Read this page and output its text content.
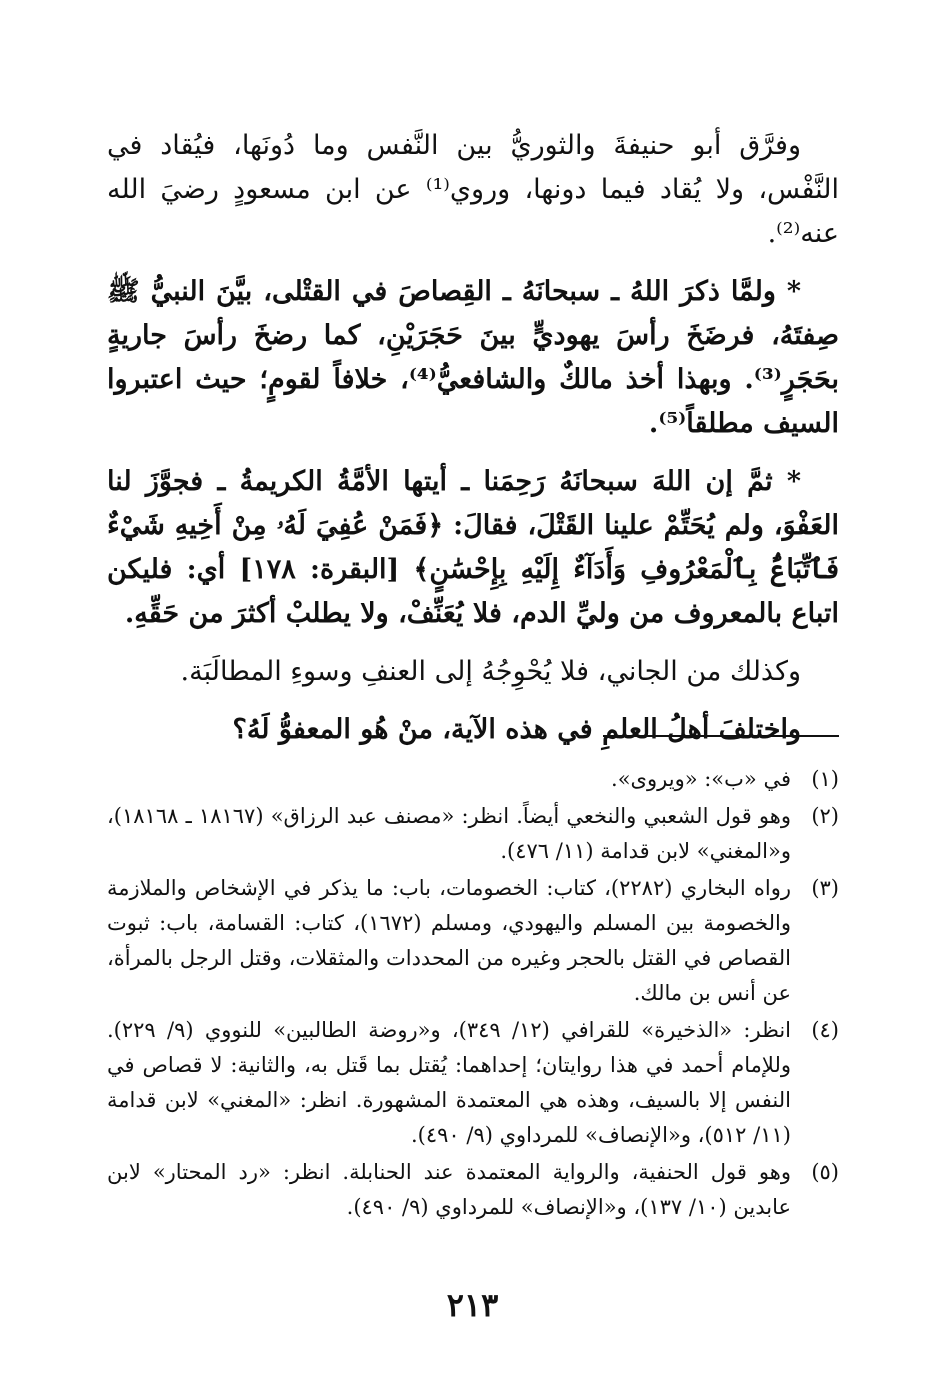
وفرَّق أبو حنيفةَ والثوريُّ بين النَّفس وما دُونَها، فيُقاد في النَّفْس، ولا يُقاد فيما دونها، وروي⁽¹⁾ عن ابن مسعودٍ رضيَ الله عنه⁽²⁾.

* ولمَّا ذكرَ اللهُ ـ سبحانَهُ ـ القِصاصَ في القتْلى، بيَّنَ النبيُّ ﷺ صِفتَهُ، فرضَخَ رأسَ يهوديٍّ بينَ حَجَرَيْنِ، كما رضخَ رأسَ جاريةٍ بحَجَرٍ⁽³⁾. وبهذا أخذ مالكٌ والشافعيُّ⁽⁴⁾، خلافاً لقومٍ؛ حيث اعتبروا السيف مطلقاً⁽⁵⁾.

* ثمَّ إن اللهَ سبحانَهُ رَحِمَنا ـ أيتها الأمَّةُ الكريمةُ ـ فجوَّزَ لنا العَفْوَ، ولم يُحَتِّمْ علينا القَتْلَ، فقالَ: ﴿فَمَنْ عُفِيَ لَهُۥ مِنْ أَخِيهِ شَيْءٌ فَٱتِّبَاعٌۢ بِٱلْمَعْرُوفِ وَأَدَآءٌ إِلَيْهِ بِإِحْسَٰنٍ﴾ [البقرة: ١٧٨] أي: فليكن اتباع بالمعروف من وليِّ الدم، فلا يُعَنِّفْ، ولا يطلبْ أكثرَ من حَقِّهِ.

وكذلك من الجاني، فلا يُحْوِجُهُ إلى العنفِ وسوءِ المطالَبَة.

واختلفَ أهلُ العلمِ في هذه الآية، منْ هُو المعفوُّ لَهُ؟

(١)
في «ب»: «ويروى».
(٢)
وهو قول الشعبي والنخعي أيضاً. انظر: «مصنف عبد الرزاق» (١٨١٦٧ ـ ١٨١٦٨)، و«المغني» لابن قدامة (١١/ ٤٧٦).
(٣)
رواه البخاري (٢٢٨٢)، كتاب: الخصومات، باب: ما يذكر في الإشخاص والملازمة والخصومة بين المسلم واليهودي، ومسلم (١٦٧٢)، كتاب: القسامة، باب: ثبوت القصاص في القتل بالحجر وغيره من المحددات والمثقلات، وقتل الرجل بالمرأة، عن أنس بن مالك.
(٤)
انظر: «الذخيرة» للقرافي (١٢/ ٣٤٩)، و«روضة الطالبين» للنووي (٩/ ٢٢٩). وللإمام أحمد في هذا روايتان؛ إحداهما: يُقتل بما قَتل به، والثانية: لا قصاص في النفس إلا بالسيف، وهذه هي المعتمدة المشهورة. انظر: «المغني» لابن قدامة (١١/ ٥١٢)، و«الإنصاف» للمرداوي (٩/ ٤٩٠).
(٥)
وهو قول الحنفية، والرواية المعتمدة عند الحنابلة. انظر: «رد المحتار» لابن عابدين (١٠/ ١٣٧)، و«الإنصاف» للمرداوي (٩/ ٤٩٠).
٢١٣
